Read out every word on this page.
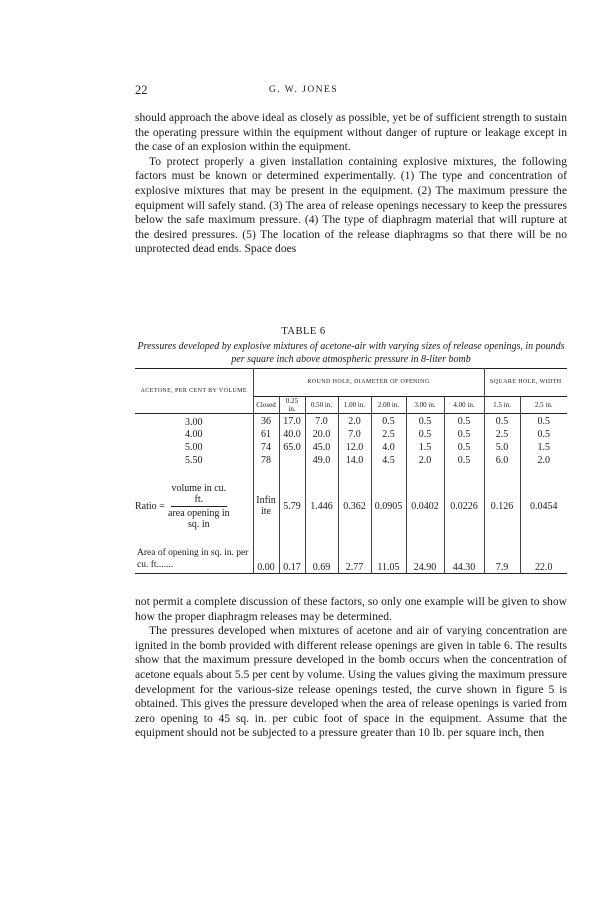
22	G. W. JONES

should approach the above ideal as closely as possible, yet be of sufficient strength to sustain the operating pressure within the equipment without danger of rupture or leakage except in the case of an explosion within the equipment.

To protect properly a given installation containing explosive mixtures, the following factors must be known or determined experimentally. (1) The type and concentration of explosive mixtures that may be present in the equipment. (2) The maximum pressure the equipment will safely stand. (3) The area of release openings necessary to keep the pressures below the safe maximum pressure. (4) The type of diaphragm material that will rupture at the desired pressures. (5) The location of the release diaphragms so that there will be no unprotected dead ends. Space does

TABLE 6
Pressures developed by explosive mixtures of acetone-air with varying sizes of release openings, in pounds per square inch above atmospheric pressure in 8-liter bomb
ACETONE, PER CENT BY VOLUME	ROUND HOLE, DIAMETER OF OPENING							SQUARE HOLE, WIDTH	
	Closed	0.25 in.	0.50 in.	1.00 in.	2.00 in.	3.00 in.	4.00 in.	1.5 in.	2.5 in.
3.00	36	17.0	7.0	2.0	0.5	0.5	0.5	0.5	0.5
4.00	61	40.0	20.0	7.0	2.5	0.5	0.5	2.5	0.5
5.00	74	65.0	45.0	12.0	4.0	1.5	0.5	5.0	1.5
5.50	78		49.0	14.0	4.5	2.0	0.5	6.0	2.0

Ratio =
volume in cu. ft.
area opening in sq. in	Infinite	5.79	1.446	0.362	0.0905	0.0402	0.0226	0.126	0.0454
Area of opening in sq. in. per cu. ft.......	0.00	0.17	0.69	2.77	11.05	24.90	44.30	7.9	22.0

not permit a complete discussion of these factors, so only one example will be given to show how the proper diaphragm releases may be determined.

The pressures developed when mixtures of acetone and air of varying concentration are ignited in the bomb provided with different release openings are given in table 6. The results show that the maximum pressure developed in the bomb occurs when the concentration of acetone equals about 5.5 per cent by volume. Using the values giving the maximum pressure development for the various-size release openings tested, the curve shown in figure 5 is obtained. This gives the pressure developed when the area of release openings is varied from zero opening to 45 sq. in. per cubic foot of space in the equipment. Assume that the equipment should not be subjected to a pressure greater than 10 lb. per square inch, then
